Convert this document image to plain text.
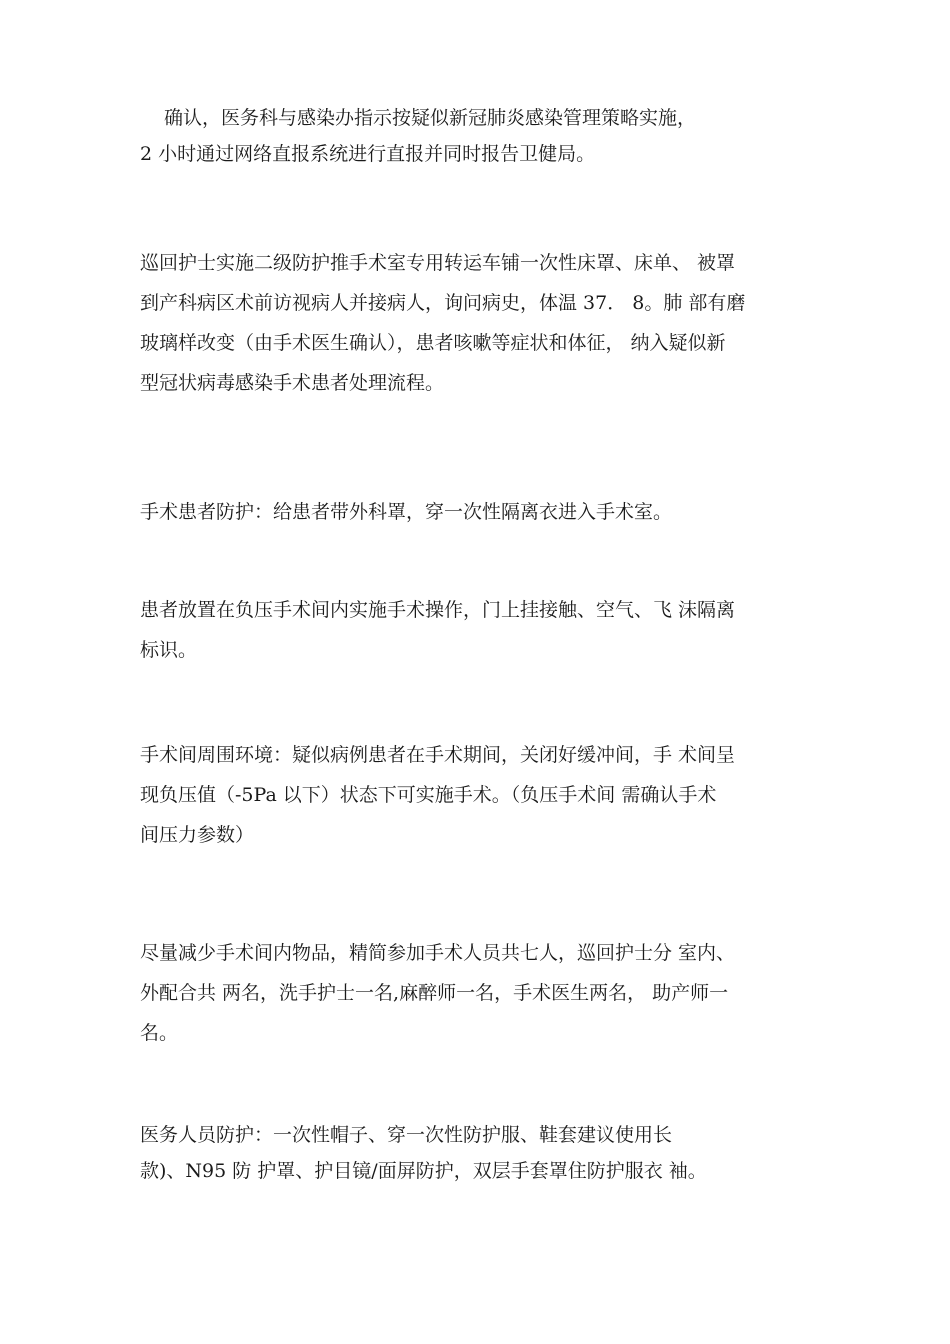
确认，医务科与感染办指示按疑似新冠肺炎感染管理策略实施，
2 小时通过网络直报系统进行直报并同时报告卫健局。
巡回护士实施二级防护推手术室专用转运车铺一次性床罩、床单、 被罩
到产科病区术前访视病人并接病人，询问病史，体温 37． 8。肺 部有磨
玻璃样改变（由手术医生确认），患者咳嗽等症状和体征， 纳入疑似新
型冠状病毒感染手术患者处理流程。
手术患者防护：给患者带外科罩，穿一次性隔离衣进入手术室。
患者放置在负压手术间内实施手术操作，门上挂接触、空气、飞 沫隔离
标识。
手术间周围环境：疑似病例患者在手术期间，关闭好缓冲间，手 术间呈
现负压值（-5Pa 以下）状态下可实施手术。（负压手术间 需确认手术
间压力参数）
尽量减少手术间内物品，精简参加手术人员共七人，巡回护士分 室内、
外配合共 两名，洗手护士一名,麻醉师一名，手术医生两名， 助产师一
名。
医务人员防护：一次性帽子、穿一次性防护服、鞋套建议使用长
款)、N95 防 护罩、护目镜/面屏防护，双层手套罩住防护服衣 袖。
